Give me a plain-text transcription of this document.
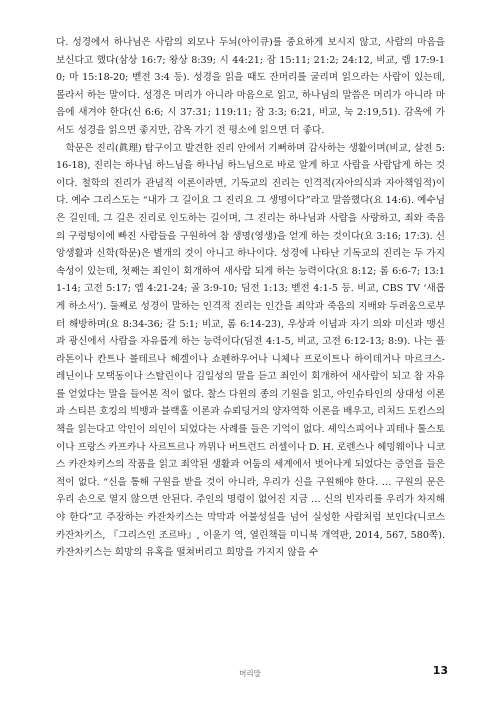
다. 성경에서 하나님은 사람의 외모나 두뇌(아이큐)를 중요하게 보시지 않고, 사람의 마음을 보신다고 했다(삼상 16:7; 왕상 8:39; 시 44:21; 잠 15:11; 21:2; 24:12, 비교, 렘 17:9-10; 마 15:18-20; 벧전 3:4 등). 성경을 읽을 때도 잔머리를 굴리며 읽으라는 사람이 있는데, 몰라서 하는 말이다. 성경은 머리가 아니라 마음으로 읽고, 하나님의 말씀은 머리가 아니라 마음에 새겨야 한다(신 6:6; 시 37:31; 119:11; 잠 3:3; 6:21, 비교, 눅 2:19,51). 감옥에 가서도 성경을 읽으면 좋지만, 감옥 가기 전 평소에 읽으면 더 좋다.

학문은 진리(眞理) 탐구이고 발견한 진리 안에서 기뻐하며 감사하는 생활이며(비교, 살전 5:16-18), 진리는 하나님 하느님을 하나님 하느님으로 바로 알게 하고 사람을 사람답게 하는 것이다. 철학의 진리가 관념적 이론이라면, 기독교의 진리는 인격적(자아의식과 자아책임적)이다. 예수 그리스도는 “내가 그 길이요 그 진리요 그 생명이다”라고 말씀했다(요 14:6). 예수님은 길인데, 그 길은 진리로 인도하는 길이며, 그 진리는 하나님과 사람을 사랑하고, 죄와 죽음의 구렁텅이에 빠진 사람들을 구원하여 참 생명(영생)을 얻게 하는 것이다(요 3:16; 17:3). 신앙생활과 신학(학문)은 별개의 것이 아니고 하나이다. 성경에 나타난 기독교의 진리는 두 가지 속성이 있는데, 첫째는 죄인이 회개하여 새사람 되게 하는 능력이다(요 8:12; 롬 6:6-7; 13:11-14; 고전 5:17; 엡 4:21-24; 골 3:9-10; 딤전 1:13; 벧전 4:1-5 등. 비교, CBS TV ‘새롭게 하소서’). 둘째로 성경이 말하는 인격적 진리는 인간을 죄악과 죽음의 지배와 두려움으로부터 해방하며(요 8:34-36; 갈 5:1; 비교, 롬 6:14-23), 우상과 이념과 자기 의와 미신과 맹신과 광신에서 사람을 자유롭게 하는 능력이다(딤전 4:1-5, 비교, 고전 6:12-13; 8:9). 나는 플라톤이나 칸트나 볼테르나 헤겔이나 쇼펜하우어나 니체나 프로이트나 하이데거나 마르크스-레닌이나 모택동이나 스탈린이나 김일성의 말을 듣고 죄인이 회개하여 새사람이 되고 참 자유를 얻었다는 말을 들어본 적이 없다. 찰스 다윈의 종의 기원을 읽고, 아인슈타인의 상대성 이론과 스티븐 호킹의 빅뱅과 블랙홀 이론과 슈뢰딩거의 양자역학 이론을 배우고, 리처드 도킨스의 책을 읽는다고 악인이 의인이 되었다는 사례를 들은 기억이 없다. 셰익스피어나 괴테나 톨스토이나 프랑스 카프카나 사르트르나 까뮈나 버트런드 러셀이나 D. H. 로렌스나 헤밍웨이나 니코스 카잔차키스의 작품을 읽고 죄악된 생활과 어둠의 세계에서 벗어나게 되었다는 증언을 들은 적이 없다. “신을 통해 구원을 받을 것이 아니라, 우리가 신을 구원해야 한다. … 구원의 문은 우리 손으로 열지 않으면 안된다. 주인의 명령이 없어진 지금 … 신의 빈자리를 우리가 차지해야 한다”고 주장하는 카잔차키스는 막막과 어불성설을 넘어 실성한 사람처럼 보인다(니코스 카잔차키스, 『그리스인 조르바』, 이윤기 역, 열린책들 미니북 개역판, 2014, 567, 580쪽). 카잔차키스는 희망의 유혹을 떨쳐버리고 희망을 가지지 않을 수

머리말	13
